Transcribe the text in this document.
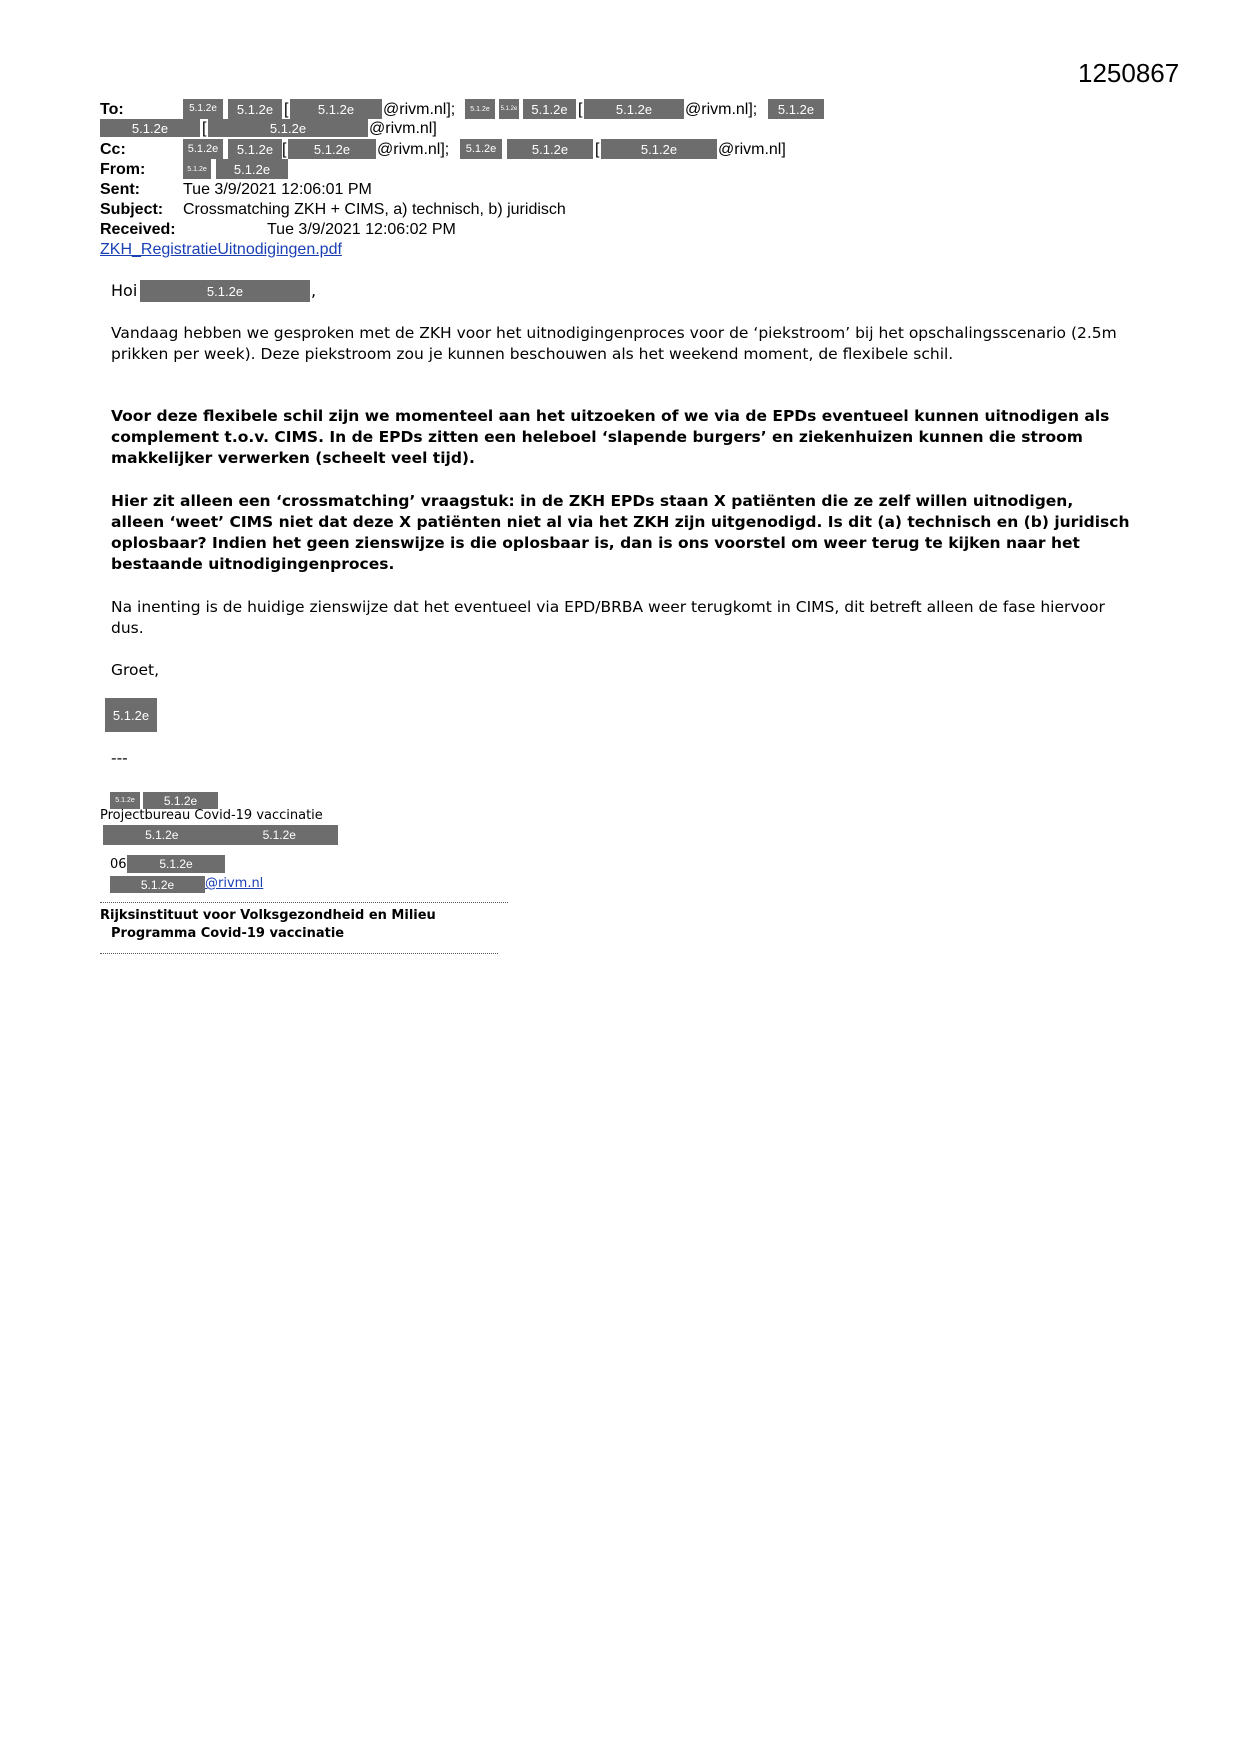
1250867
To:	5.1.2e	5.1.2e [	5.1.2e	@rivm.nl];	5.1.2e	5.1.2e	5.1.2e [	5.1.2e	@rivm.nl];	5.1.2e
5.1.2e	[	5.1.2e	@rivm.nl]
Cc:	5.1.2e	5.1.2e [	5.1.2e	@rivm.nl];	5.1.2e	5.1.2e	[	5.1.2e	@rivm.nl]
From:	5.1.2e	5.1.2e
Sent:	Tue 3/9/2021 12:06:01 PM
Subject: Crossmatching ZKH + CIMS, a) technisch, b) juridisch
Received:	Tue 3/9/2021 12:06:02 PM
ZKH_RegistratieUitnodigingen.pdf
Hoi	5.1.2e	,
Vandaag hebben we gesproken met de ZKH voor het uitnodigingenproces voor de ‘piekstroom’ bij het opschalingsscenario (2.5m prikken per week). Deze piekstroom zou je kunnen beschouwen als het weekend moment, de flexibele schil.
Voor deze flexibele schil zijn we momenteel aan het uitzoeken of we via de EPDs eventueel kunnen uitnodigen als complement t.o.v. CIMS. In de EPDs zitten een heleboel ‘slapende burgers’ en ziekenhuizen kunnen die stroom makkelijker verwerken (scheelt veel tijd).
Hier zit alleen een ‘crossmatching’ vraagstuk: in de ZKH EPDs staan X patiënten die ze zelf willen uitnodigen, alleen ‘weet’ CIMS niet dat deze X patiënten niet al via het ZKH zijn uitgenodigd. Is dit (a) technisch en (b) juridisch oplosbaar? Indien het geen zienswijze is die oplosbaar is, dan is ons voorstel om weer terug te kijken naar het bestaande uitnodigingenproces.
Na inenting is de huidige zienswijze dat het eventueel via EPD/BRBA weer terugkomt in CIMS, dit betreft alleen de fase hiervoor dus.
Groet,
5.1.2e
---
5.1.2e	5.1.2e
Projectbureau Covid-19 vaccinatie
5.1.2e	5.1.2e
06	5.1.2e
5.1.2e	@rivm.nl
Rijksinstituut voor Volksgezondheid en Milieu
Programma Covid-19 vaccinatie
